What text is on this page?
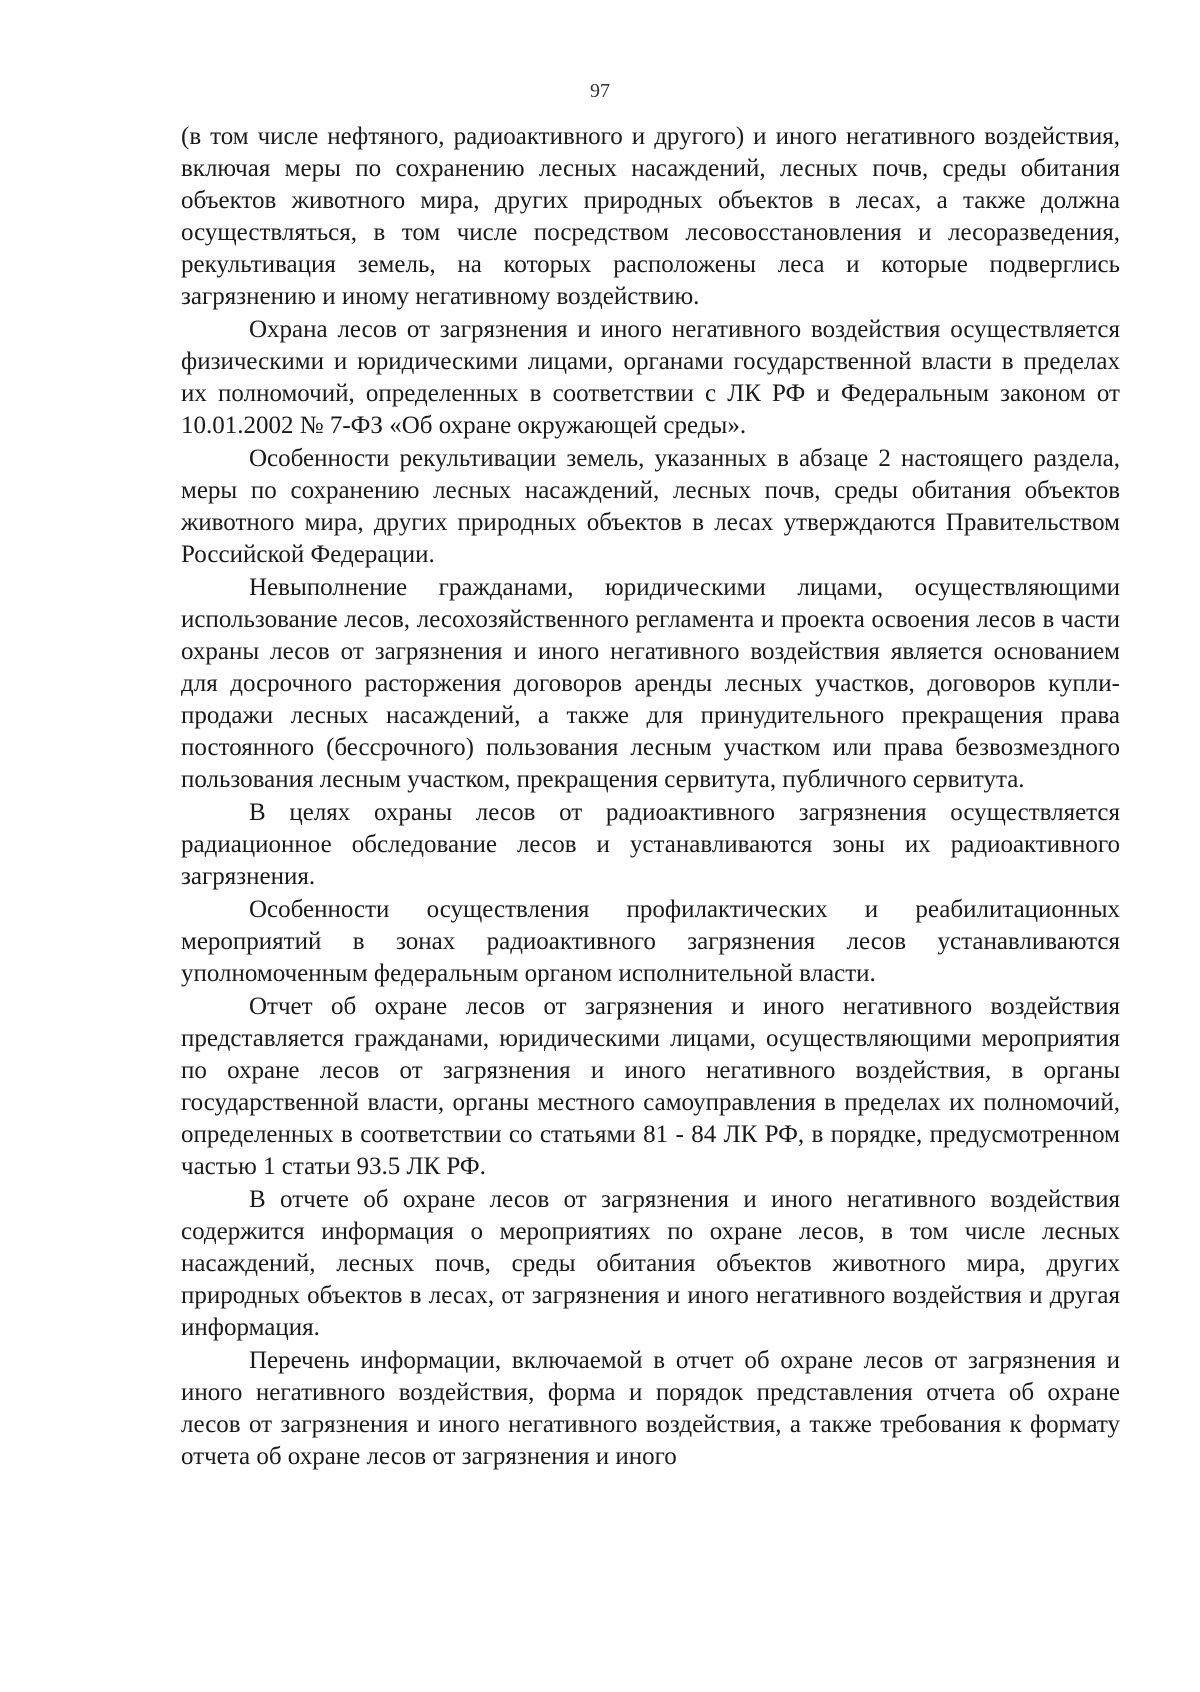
97

(в том числе нефтяного, радиоактивного и другого) и иного негативного воздействия, включая меры по сохранению лесных насаждений, лесных почв, среды обитания объектов животного мира, других природных объектов в лесах, а также должна осуществляться, в том числе посредством лесовосстановления и лесоразведения, рекультивация земель, на которых расположены леса и которые подверглись загрязнению и иному негативному воздействию.

Охрана лесов от загрязнения и иного негативного воздействия осуществляется физическими и юридическими лицами, органами государственной власти в пределах их полномочий, определенных в соответствии с ЛК РФ и Федеральным законом от 10.01.2002 № 7-ФЗ «Об охране окружающей среды».

Особенности рекультивации земель, указанных в абзаце 2 настоящего раздела, меры по сохранению лесных насаждений, лесных почв, среды обитания объектов животного мира, других природных объектов в лесах утверждаются Правительством Российской Федерации.

Невыполнение гражданами, юридическими лицами, осуществляющими использование лесов, лесохозяйственного регламента и проекта освоения лесов в части охраны лесов от загрязнения и иного негативного воздействия является основанием для досрочного расторжения договоров аренды лесных участков, договоров купли-продажи лесных насаждений, а также для принудительного прекращения права постоянного (бессрочного) пользования лесным участком или права безвозмездного пользования лесным участком, прекращения сервитута, публичного сервитута.

В целях охраны лесов от радиоактивного загрязнения осуществляется радиационное обследование лесов и устанавливаются зоны их радиоактивного загрязнения.

Особенности осуществления профилактических и реабилитационных мероприятий в зонах радиоактивного загрязнения лесов устанавливаются уполномоченным федеральным органом исполнительной власти.

Отчет об охране лесов от загрязнения и иного негативного воздействия представляется гражданами, юридическими лицами, осуществляющими мероприятия по охране лесов от загрязнения и иного негативного воздействия, в органы государственной власти, органы местного самоуправления в пределах их полномочий, определенных в соответствии со статьями 81 - 84 ЛК РФ, в порядке, предусмотренном частью 1 статьи 93.5 ЛК РФ.

В отчете об охране лесов от загрязнения и иного негативного воздействия содержится информация о мероприятиях по охране лесов, в том числе лесных насаждений, лесных почв, среды обитания объектов животного мира, других природных объектов в лесах, от загрязнения и иного негативного воздействия и другая информация.

Перечень информации, включаемой в отчет об охране лесов от загрязнения и иного негативного воздействия, форма и порядок представления отчета об охране лесов от загрязнения и иного негативного воздействия, а также требования к формату отчета об охране лесов от загрязнения и иного
